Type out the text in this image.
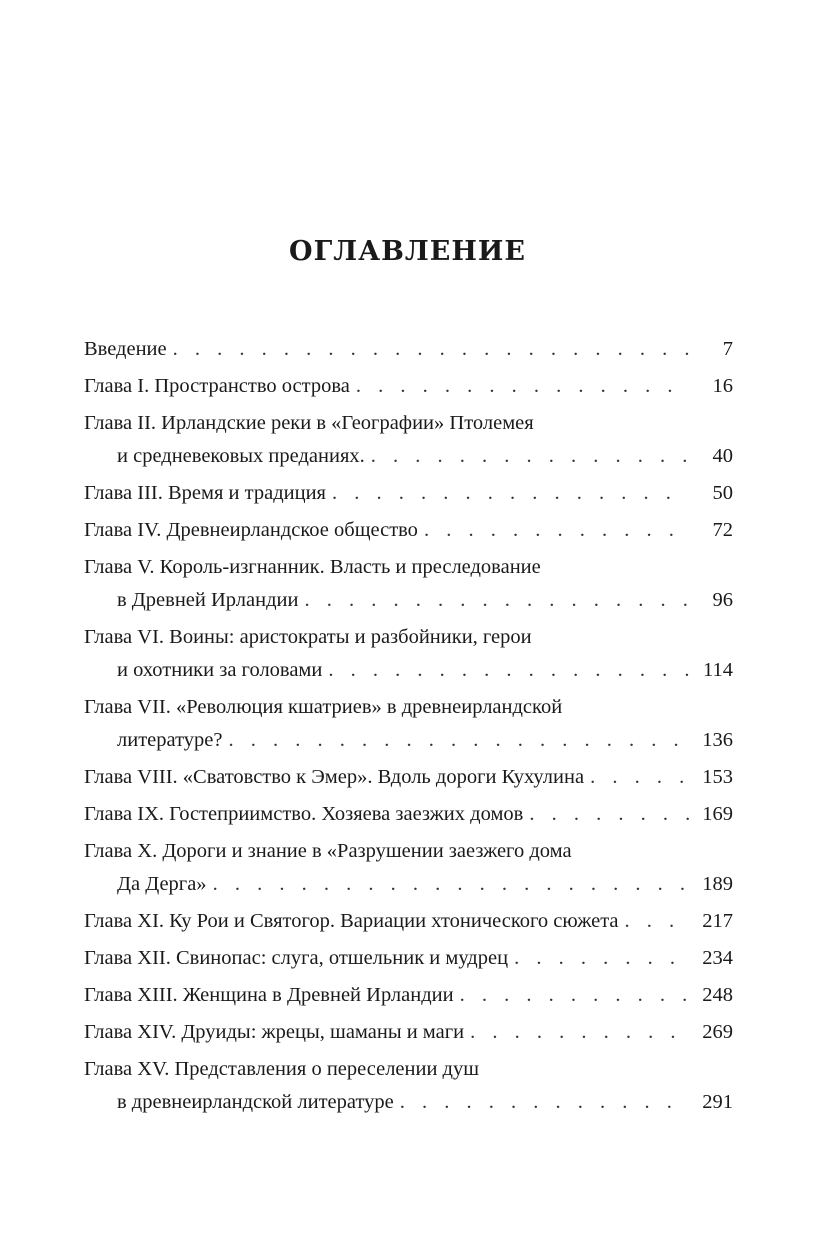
ОГЛАВЛЕНИЕ
Введение . . .	7
Глава I. Пространство острова . . .	16
Глава II. Ирландские реки в «Географии» Птолемея
и средневековых преданиях. . . .	40
Глава III. Время и традиция . . .	50
Глава IV. Древнеирландское общество . . .	72
Глава V. Король-изгнанник. Власть и преследование
в Древней Ирландии . . .	96
Глава VI. Воины: аристократы и разбойники, герои
и охотники за головами . . .	114
Глава VII. «Революция кшатриев» в древнеирландской
литературе? . . .	136
Глава VIII. «Сватовство к Эмер». Вдоль дороги Кухулина . . .	153
Глава IX. Гостеприимство. Хозяева заезжих домов . . .	169
Глава X. Дороги и знание в «Разрушении заезжего дома
Да Дерга» . . .	189
Глава XI. Ку Рои и Святогор. Вариации хтонического сюжета . . .	217
Глава XII. Свинопас: слуга, отшельник и мудрец . . .	234
Глава XIII. Женщина в Древней Ирландии . . .	248
Глава XIV. Друиды: жрецы, шаманы и маги . . .	269
Глава XV. Представления о переселении душ
в древнеирландской литературе . . .	291
